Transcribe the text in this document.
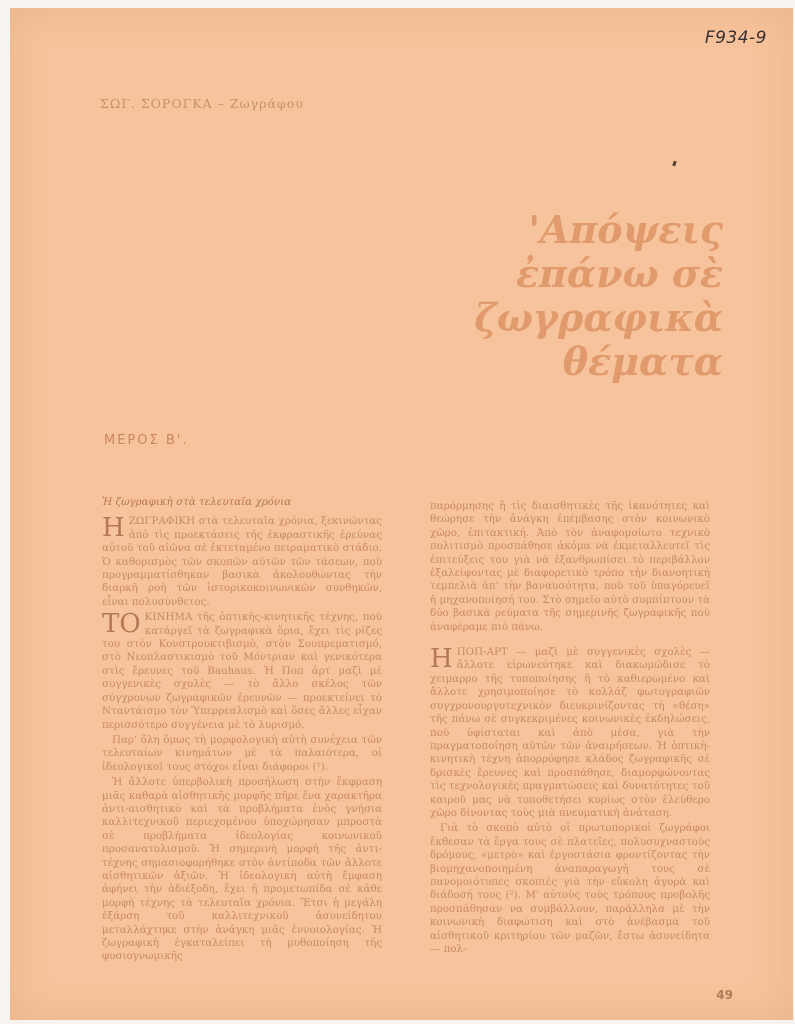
F934-9
ΣΩΓ. ΣΟΡΟΓΚΑ – Ζωγράφου
'Απόψεις
ἐπάνω σὲ ζωγραφικὰ
θέματα
ΜΕΡΟΣ Β'.
Ἡ ζωγραφικὴ στὰ τελευταῖα χρόνια

Η ΖΩΓΡΑΦΙΚΗ στὰ τελευταῖα χρόνια, ξεκινώντας ἀπὸ τὶς προεκτάσεις τῆς ἐκφραστικῆς ἐρεύνας αὐτοῦ τοῦ αἰῶνα σὲ ἐκτεταμένο πειραματικὸ στάδιο. Ὁ καθορισμὸς τῶν σκοπῶν αὐτῶν τῶν τάσεων, ποὺ προγραμματίσθηκαν βασικὰ ἀκολουθώντας τὴν διαρκῆ ροὴ τῶν ἱστορικοκοινωνικῶν συνθηκῶν, εἶναι πολυσύνθετος.

ΤΟ ΚΙΝΗΜΑ τῆς ὀπτικῆς-κινητικῆς τέχνης, ποὺ κατάργεῖ τὰ ζωγραφικὰ ὅρια, ἔχει τὶς ρίζες του στὸν Κονστρουκτιβισμὸ, στὸν Σουπρεματισμό, στὸ Νεοπλαστικισμὸ τοῦ Μόντριαν καὶ γενικότερα στὶς ἔρευνες τοῦ Bauhaus. Ἡ Ποπ ἀρτ μαζὶ μὲ συγγενικὲς σχολὲς — τὸ ἄλλο σκέλος τῶν σύγχρονων ζωγραφικῶν ἐρευνῶν — προεκτείνει τὸ Νταντάισμο τὸν Ὑπερρεαλισμὸ καὶ ὅσες ἄλλες εἶχαν περισσότερο συγγένεια μὲ τὸ λυρισμό.

Παρ' ὅλη ὅμως τὴ μορφολογικὴ αὐτὴ συνέχεια τῶν τελευταίων κινημάτων μὲ τὰ παλαιότερα, οἱ ἰδεολογικοί τους στόχοι εἶναι διάφοροι (¹).

Ἡ ἄλλοτε ὑπερβολικὴ προσήλωση στὴν ἔκφραση μιᾶς καθαρὰ αἰσθητικῆς μορφῆς πῆρε ἕνα χαρακτῆρα ἀντι-αισθητικὸ καὶ τὰ προβλήματα ἑνὸς γνήσια καλλιτεχνικοῦ περιεχομένου ὑποχώρησαν μπροστὰ σὲ προβλήματα ἰδεολογίας κοινωνικοῦ προσανατολισμοῦ. Ἡ σημερινὴ μορφὴ τῆς ἀντι-τέχνης σημασιοφορήθηκε στὸν ἀντίποδα τῶν ἄλλοτε αἰσθητικῶν ἀξιῶν. Ἡ ἰδεολογικὴ αὐτὴ ἔμφαση ἀφήνει τὴν ἀδιέξοδη, ἔχει ἡ προμετωπίδα σὲ κάθε μορφὴ τέχνης τὰ τελευταῖα χρόνια. Ἔτσι ἡ μεγάλη ἐξάρση τοῦ καλλιτεχνικοῦ ἀσυνείδητου μεταλλάχτηκε στὴν ἀνάγκη μιᾶς ἐννοιολογίας. Ἡ ζωγραφικὴ ἐγκαταλείπει τὴ μυθοποίηση τῆς φυσιογνωμικῆς

παρόρμησης ἢ τὶς διαισθητικὲς τῆς ἱκανότητες καὶ θεώρησε τὴν ἀνάγκη ἐπέμβασης στὸν κοινωνικὸ χῶρο, ἐπιτακτική. Ἀπὸ τὸν ἀναφομοίωτο τεχνικὸ πολιτισμὸ προσπάθησε ἀκόμα νὰ ἐκμεταλλευτεῖ τὶς ἐπιτεύξεις του γιὰ νὰ ἐξανθρωπίσει τὸ περιβάλλον ἐξαλείφοντας μὲ διαφορετικὸ τρόπο τὴν διανοητικὴ τεμπελιὰ ἀπ' τὴν βαναυσότητα, ποὺ τοῦ ὑπαγόρευεῖ ἡ μηχανοποίησή του. Στὸ σημεῖο αὐτὸ συμπίπτουν τὰ δύο βασικὰ ρεύματα τῆς σημερινῆς ζωγραφικῆς ποὺ ἀναφέραμε πιὸ πάνω.

Η ΠΟΠ-ΑΡΤ — μαζὶ μὲ συγγενικὲς σχολὲς — ἄλλοτε εἰρωνεύτηκε καὶ διακωμώδισε τὸ χειμαρρο τῆς τυποποίησης ἢ τὸ καθιερωμένο καὶ ἄλλοτε χρησιμοποίησε τὸ κολλάζ φωτογραφιῶν συγχρονουργοτεχνικὸν διευκρινίζοντας τὴ «θέση» τῆς πάνω σὲ συγκεκριμένες κοινωνικὲς ἐκδηλώσεις, ποὺ ὑφίσταται καὶ ἀπὸ μέσα, γιὰ τὴν πραγματοποίηση αὐτῶν τῶν ἀναιρήσεων. Ἡ ὀπτικὴ-κινητικὴ τέχνη ἀπορρόφησε κλάδος ζωγραφικῆς σὲ δρισκὲς ἔρευνες καὶ προσπάθησε, διαμορφώνοντας τὶς τεχνολογικὲς πραγματώσεις καὶ δυνατότητες τοῦ καιροῦ μας νὰ τοποθετήσει κυρίως στὸν ἐλεύθερο χῶρο δίνοντας τοὺς μιὰ πνευματικὴ ἀνάταση.

Γιὰ τὸ σκοπὸ αὐτὸ οἱ πρωτοπορικοὶ ζωγράφοι ἔκθεσαν τὰ ἔργα τους σὲ πλατεῖες, πολυσυχναστοὺς δρόμους, «μετρὸ» καὶ ἐργοστάσια φροντίζοντας τὴν βιομηχανοποιημένη ἀναπαραγωγὴ τους σὲ πανομοιότυπες σκοπιὲς γιὰ τὴν εὔκολη ἀγορὰ καὶ διάδοσή τους (²). Μ' αὐτοὺς τοὺς τρόπους προβολῆς προσπάθησαν να συμβάλλουν, παράλληλα μὲ τὴν κοινωνικὴ διαφώτιση καὶ στὸ ἀνέβασμα τοῦ αἰσθητικοῦ κριτηρίου τῶν μαζῶν, ἔστω ἀσυνείδητα — πολ-

49
